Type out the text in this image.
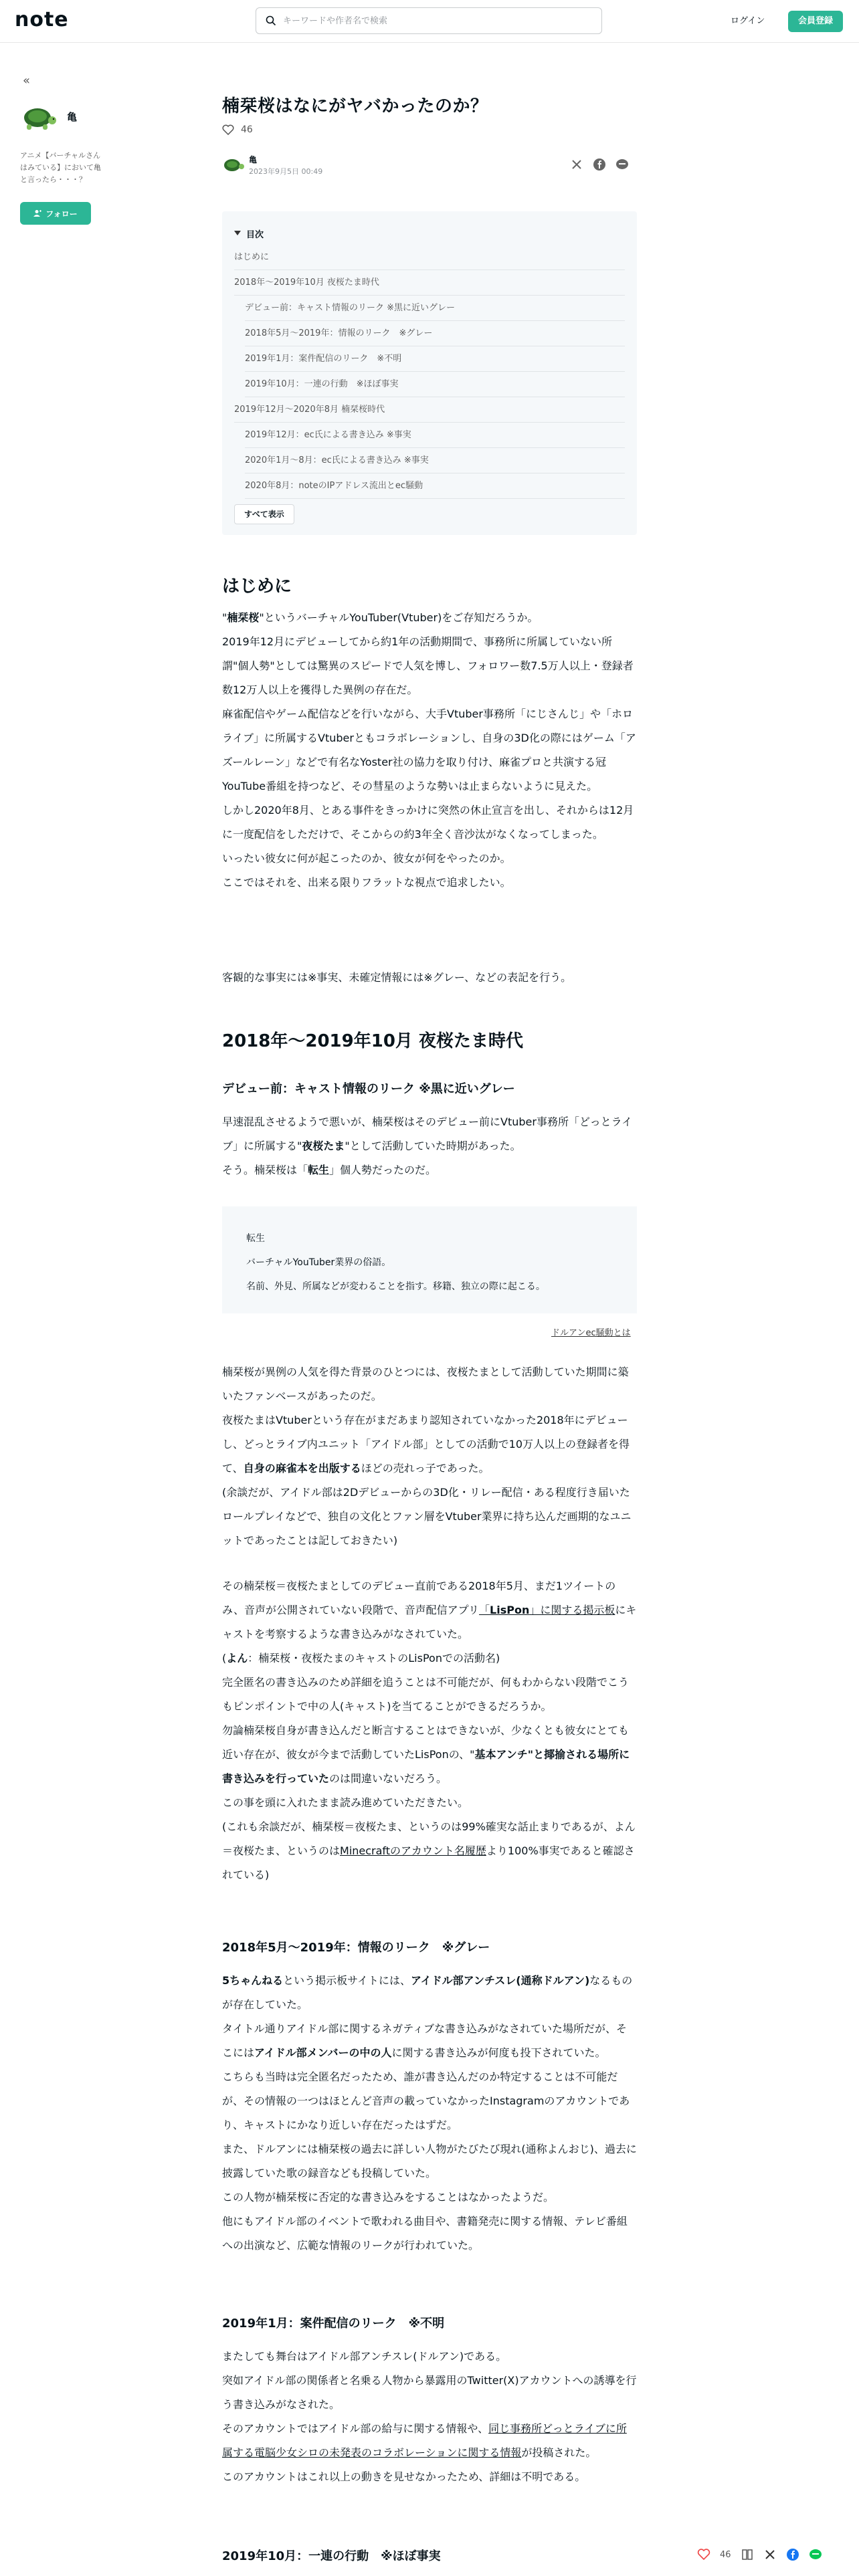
note
キーワードや作者名で検索	ログイン	会員登録
«
亀
アニメ【バーチャルさんはみている】において亀と言ったら・・・？
フォロー
楠栞桜はなにがヤバかったのか？
46
亀
2023年9月5日 00:49
目次
はじめに
2018年～2019年10月 夜桜たま時代
デビュー前：キャスト情報のリーク ※黒に近いグレー
2018年5月～2019年：情報のリーク　※グレー
2019年1月：案件配信のリーク　※不明
2019年10月：一連の行動　※ほぼ事実
2019年12月～2020年8月 楠栞桜時代
2019年12月：ec氏による書き込み ※事実
2020年1月～8月：ec氏による書き込み ※事実
2020年8月：noteのIPアドレス流出とec騒動
すべて表示
はじめに
"楠栞桜"というバーチャルYouTuber(Vtuber)をご存知だろうか。
2019年12月にデビューしてから約1年の活動期間で、事務所に所属していない所謂"個人勢"としては驚異のスピードで人気を博し、フォロワー数7.5万人以上・登録者数12万人以上を獲得した異例の存在だ。
麻雀配信やゲーム配信などを行いながら、大手Vtuber事務所「にじさんじ」や「ホロライブ」に所属するVtuberともコラボレーションし、自身の3D化の際にはゲーム「アズールレーン」などで有名なYoster社の協力を取り付け、麻雀プロと共演する冠YouTube番組を持つなど、その彗星のような勢いは止まらないように見えた。
しかし2020年8月、とある事件をきっかけに突然の休止宣言を出し、それからは12月に一度配信をしただけで、そこからの約3年全く音沙汰がなくなってしまった。
いったい彼女に何が起こったのか、彼女が何をやったのか。
ここではそれを、出来る限りフラットな視点で追求したい。
客観的な事実には※事実、未確定情報には※グレー、などの表記を行う。
2018年～2019年10月 夜桜たま時代
デビュー前：キャスト情報のリーク ※黒に近いグレー
早速混乱させるようで悪いが、楠栞桜はそのデビュー前にVtuber事務所「どっとライブ」に所属する"夜桜たま"として活動していた時期があった。
そう。楠栞桜は「転生」個人勢だったのだ。
転生
バーチャルYouTuber業界の俗語。
名前、外見、所属などが変わることを指す。移籍、独立の際に起こる。
ドルアンec騒動とは
楠栞桜が異例の人気を得た背景のひとつには、夜桜たまとして活動していた期間に築いたファンベースがあったのだ。
夜桜たまはVtuberという存在がまだあまり認知されていなかった2018年にデビューし、どっとライブ内ユニット「アイドル部」としての活動で10万人以上の登録者を得て、自身の麻雀本を出版するほどの売れっ子であった。
(余談だが、アイドル部は2Dデビューからの3D化・リレー配信・ある程度行き届いたロールプレイなどで、独自の文化とファン層をVtuber業界に持ち込んだ画期的なユニットであったことは記しておきたい)
その楠栞桜＝夜桜たまとしてのデビュー直前である2018年5月、まだ1ツイートのみ、音声が公開されていない段階で、音声配信アプリ「LisPon」に関する掲示板にキャストを考察するような書き込みがなされていた。
(よん：楠栞桜・夜桜たまのキャストのLisPonでの活動名)
完全匿名の書き込みのため詳細を追うことは不可能だが、何もわからない段階でこうもピンポイントで中の人(キャスト)を当てることができるだろうか。
勿論楠栞桜自身が書き込んだと断言することはできないが、少なくとも彼女にとても近い存在が、彼女が今まで活動していたLisPonの、"基本アンチ"と揶揄される場所に書き込みを行っていたのは間違いないだろう。
この事を頭に入れたまま読み進めていただきたい。
(これも余談だが、楠栞桜＝夜桜たま、というのは99%確実な話止まりであるが、よん＝夜桜たま、というのはMinecraftのアカウント名履歴より100%事実であると確認されている)
2018年5月～2019年：情報のリーク　※グレー
5ちゃんねるという掲示板サイトには、アイドル部アンチスレ(通称ドルアン)なるものが存在していた。
タイトル通りアイドル部に関するネガティブな書き込みがなされていた場所だが、そこにはアイドル部メンバーの中の人に関する書き込みが何度も投下されていた。
こちらも当時は完全匿名だったため、誰が書き込んだのか特定することは不可能だが、その情報の一つはほとんど音声の載っていなかったInstagramのアカウントであり、キャストにかなり近しい存在だったはずだ。
また、ドルアンには楠栞桜の過去に詳しい人物がたびたび現れ(通称よんおじ)、過去に披露していた歌の録音なども投稿していた。
この人物が楠栞桜に否定的な書き込みをすることはなかったようだ。
他にもアイドル部のイベントで歌われる曲目や、書籍発売に関する情報、テレビ番組への出演など、広範な情報のリークが行われていた。
2019年1月：案件配信のリーク　※不明
またしても舞台はアイドル部アンチスレ(ドルアン)である。
突如アイドル部の関係者と名乗る人物から暴露用のTwitter(X)アカウントへの誘導を行う書き込みがなされた。
そのアカウントではアイドル部の給与に関する情報や、同じ事務所どっとライブに所属する電脳少女シロの未発表のコラボレーションに関する情報が投稿された。
このアカウントはこれ以上の動きを見せなかったため、詳細は不明である。
2019年10月：一連の行動　※ほぼ事実	46
